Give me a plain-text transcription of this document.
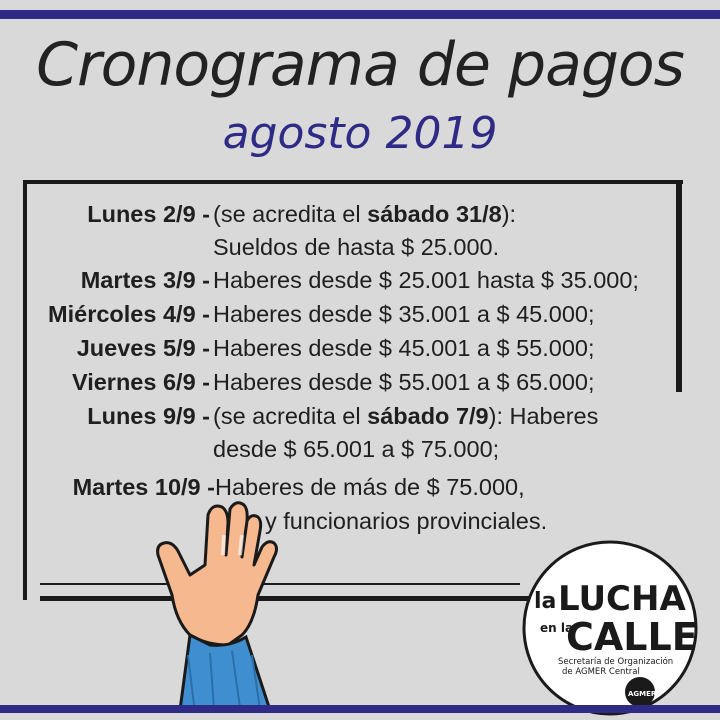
Cronograma de pagos
agosto 2019
Lunes 2/9 - (se acredita el sábado 31/8):
Sueldos de hasta $ 25.000.
Martes 3/9 - Haberes desde $ 25.001 hasta $ 35.000;
Miércoles 4/9 - Haberes desde $ 35.001 a $ 45.000;
Jueves 5/9 - Haberes desde $ 45.001 a $ 55.000;
Viernes 6/9 - Haberes desde $ 55.001 a $ 65.000;
Lunes 9/9 - (se acredita el sábado 7/9): Haberes
desde $ 65.001 a $ 75.000;
Martes 10/9 - Haberes de más de $ 75.000,
y funcionarios provinciales.
la LUCHA
en la
CALLE
Secretaría de Organización
de AGMER Central
AGMER
